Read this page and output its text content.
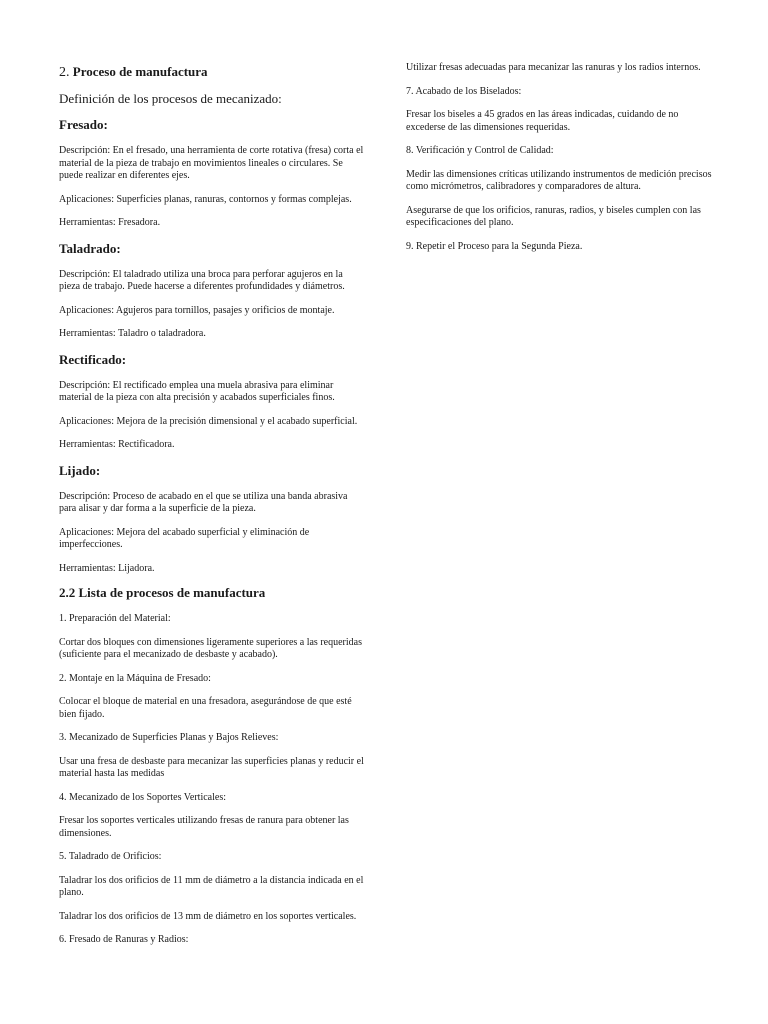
2. Proceso de manufactura
Definición de los procesos de mecanizado:
Fresado:

Descripción: En el fresado, una herramienta de corte rotativa (fresa) corta el material de la pieza de trabajo en movimientos lineales o circulares. Se puede realizar en diferentes ejes.

Aplicaciones: Superficies planas, ranuras, contornos y formas complejas.

Herramientas: Fresadora.

Taladrado:

Descripción: El taladrado utiliza una broca para perforar agujeros en la pieza de trabajo. Puede hacerse a diferentes profundidades y diámetros.

Aplicaciones: Agujeros para tornillos, pasajes y orificios de montaje.

Herramientas: Taladro o taladradora.

Rectificado:

Descripción: El rectificado emplea una muela abrasiva para eliminar material de la pieza con alta precisión y acabados superficiales finos.

Aplicaciones: Mejora de la precisión dimensional y el acabado superficial.

Herramientas: Rectificadora.

Lijado:

Descripción: Proceso de acabado en el que se utiliza una banda abrasiva para alisar y dar forma a la superficie de la pieza.

Aplicaciones: Mejora del acabado superficial y eliminación de imperfecciones.

Herramientas: Lijadora.

2.2 Lista de procesos de manufactura

1. Preparación del Material:

Cortar dos bloques con dimensiones ligeramente superiores a las requeridas (suficiente para el mecanizado de desbaste y acabado).

2. Montaje en la Máquina de Fresado:

Colocar el bloque de material en una fresadora, asegurándose de que esté bien fijado.

3. Mecanizado de Superficies Planas y Bajos Relieves:

Usar una fresa de desbaste para mecanizar las superficies planas y reducir el material hasta las medidas

4. Mecanizado de los Soportes Verticales:

Fresar los soportes verticales utilizando fresas de ranura para obtener las dimensiones.

5. Taladrado de Orificios:

Taladrar los dos orificios de 11 mm de diámetro a la distancia indicada en el plano.

Taladrar los dos orificios de 13 mm de diámetro en los soportes verticales.

6. Fresado de Ranuras y Radios:

Utilizar fresas adecuadas para mecanizar las ranuras y los radios internos.

7. Acabado de los Biselados:

Fresar los biseles a 45 grados en las áreas indicadas, cuidando de no excederse de las dimensiones requeridas.

8. Verificación y Control de Calidad:

Medir las dimensiones críticas utilizando instrumentos de medición precisos como micrómetros, calibradores y comparadores de altura.

Asegurarse de que los orificios, ranuras, radios, y biseles cumplen con las especificaciones del plano.

9. Repetir el Proceso para la Segunda Pieza.
